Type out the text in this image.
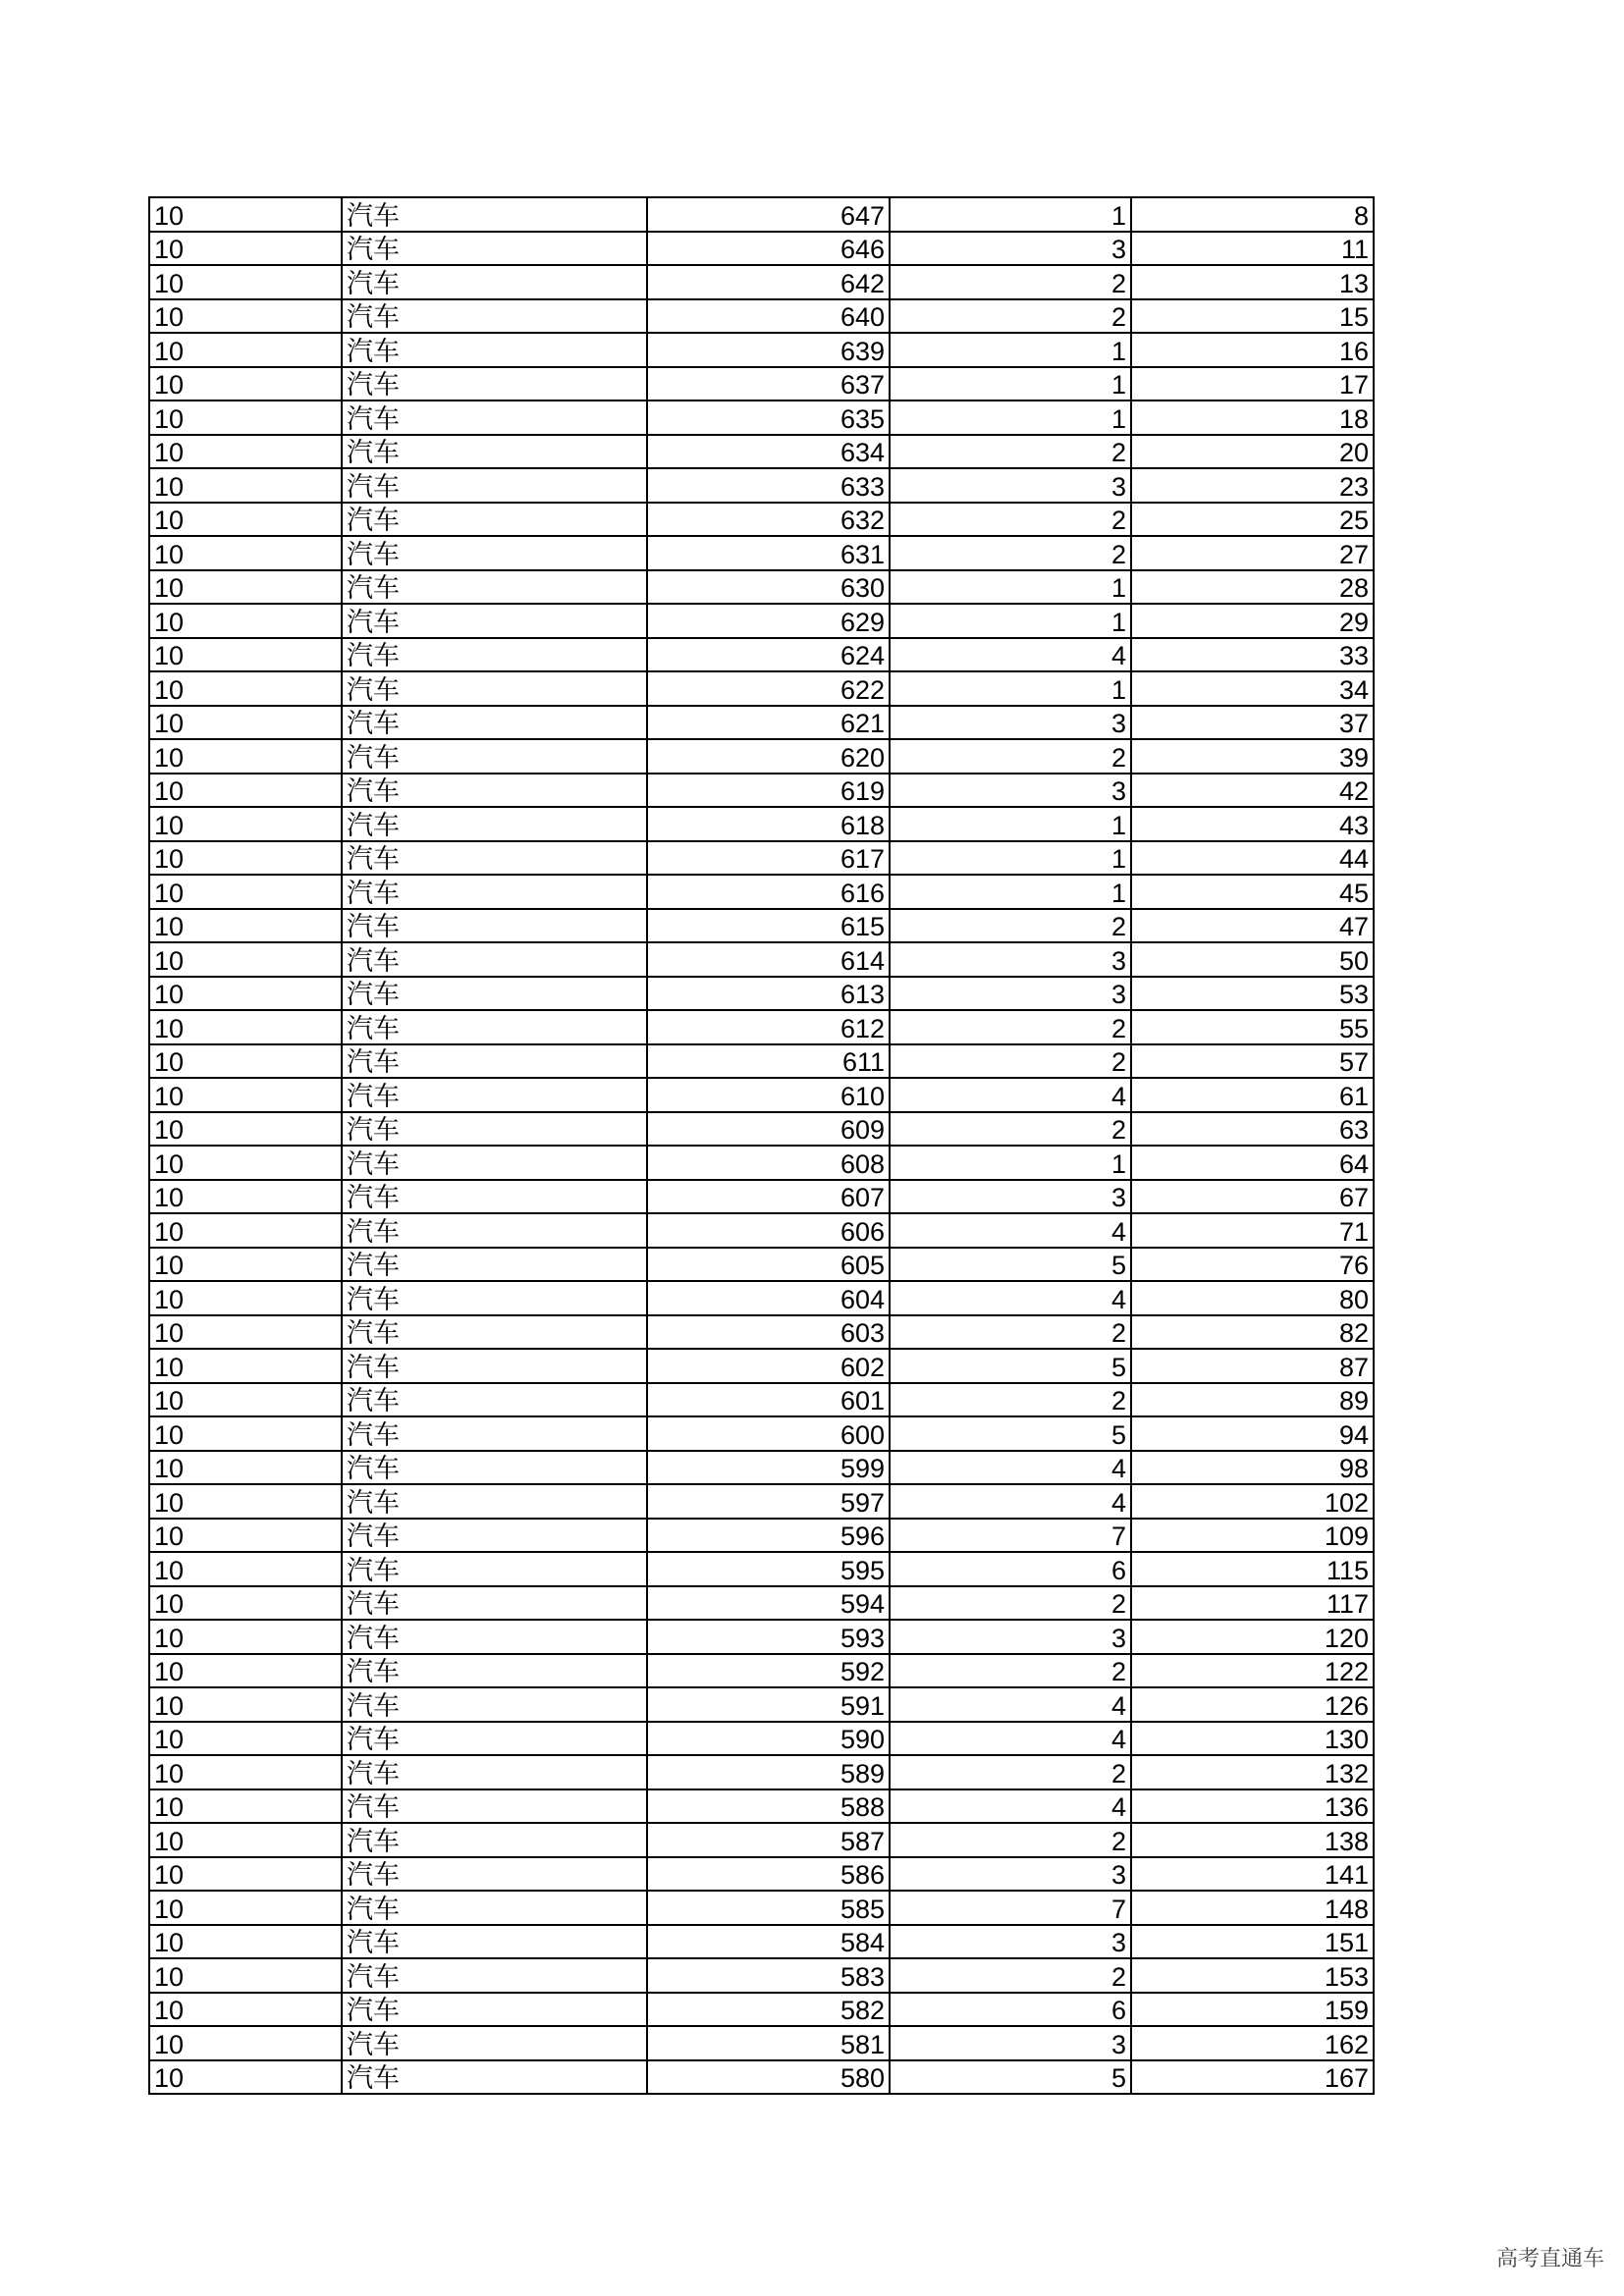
10	汽车	647	1	8
10	汽车	646	3	11
10	汽车	642	2	13
10	汽车	640	2	15
10	汽车	639	1	16
10	汽车	637	1	17
10	汽车	635	1	18
10	汽车	634	2	20
10	汽车	633	3	23
10	汽车	632	2	25
10	汽车	631	2	27
10	汽车	630	1	28
10	汽车	629	1	29
10	汽车	624	4	33
10	汽车	622	1	34
10	汽车	621	3	37
10	汽车	620	2	39
10	汽车	619	3	42
10	汽车	618	1	43
10	汽车	617	1	44
10	汽车	616	1	45
10	汽车	615	2	47
10	汽车	614	3	50
10	汽车	613	3	53
10	汽车	612	2	55
10	汽车	611	2	57
10	汽车	610	4	61
10	汽车	609	2	63
10	汽车	608	1	64
10	汽车	607	3	67
10	汽车	606	4	71
10	汽车	605	5	76
10	汽车	604	4	80
10	汽车	603	2	82
10	汽车	602	5	87
10	汽车	601	2	89
10	汽车	600	5	94
10	汽车	599	4	98
10	汽车	597	4	102
10	汽车	596	7	109
10	汽车	595	6	115
10	汽车	594	2	117
10	汽车	593	3	120
10	汽车	592	2	122
10	汽车	591	4	126
10	汽车	590	4	130
10	汽车	589	2	132
10	汽车	588	4	136
10	汽车	587	2	138
10	汽车	586	3	141
10	汽车	585	7	148
10	汽车	584	3	151
10	汽车	583	2	153
10	汽车	582	6	159
10	汽车	581	3	162
10	汽车	580	5	167
高考直通车
